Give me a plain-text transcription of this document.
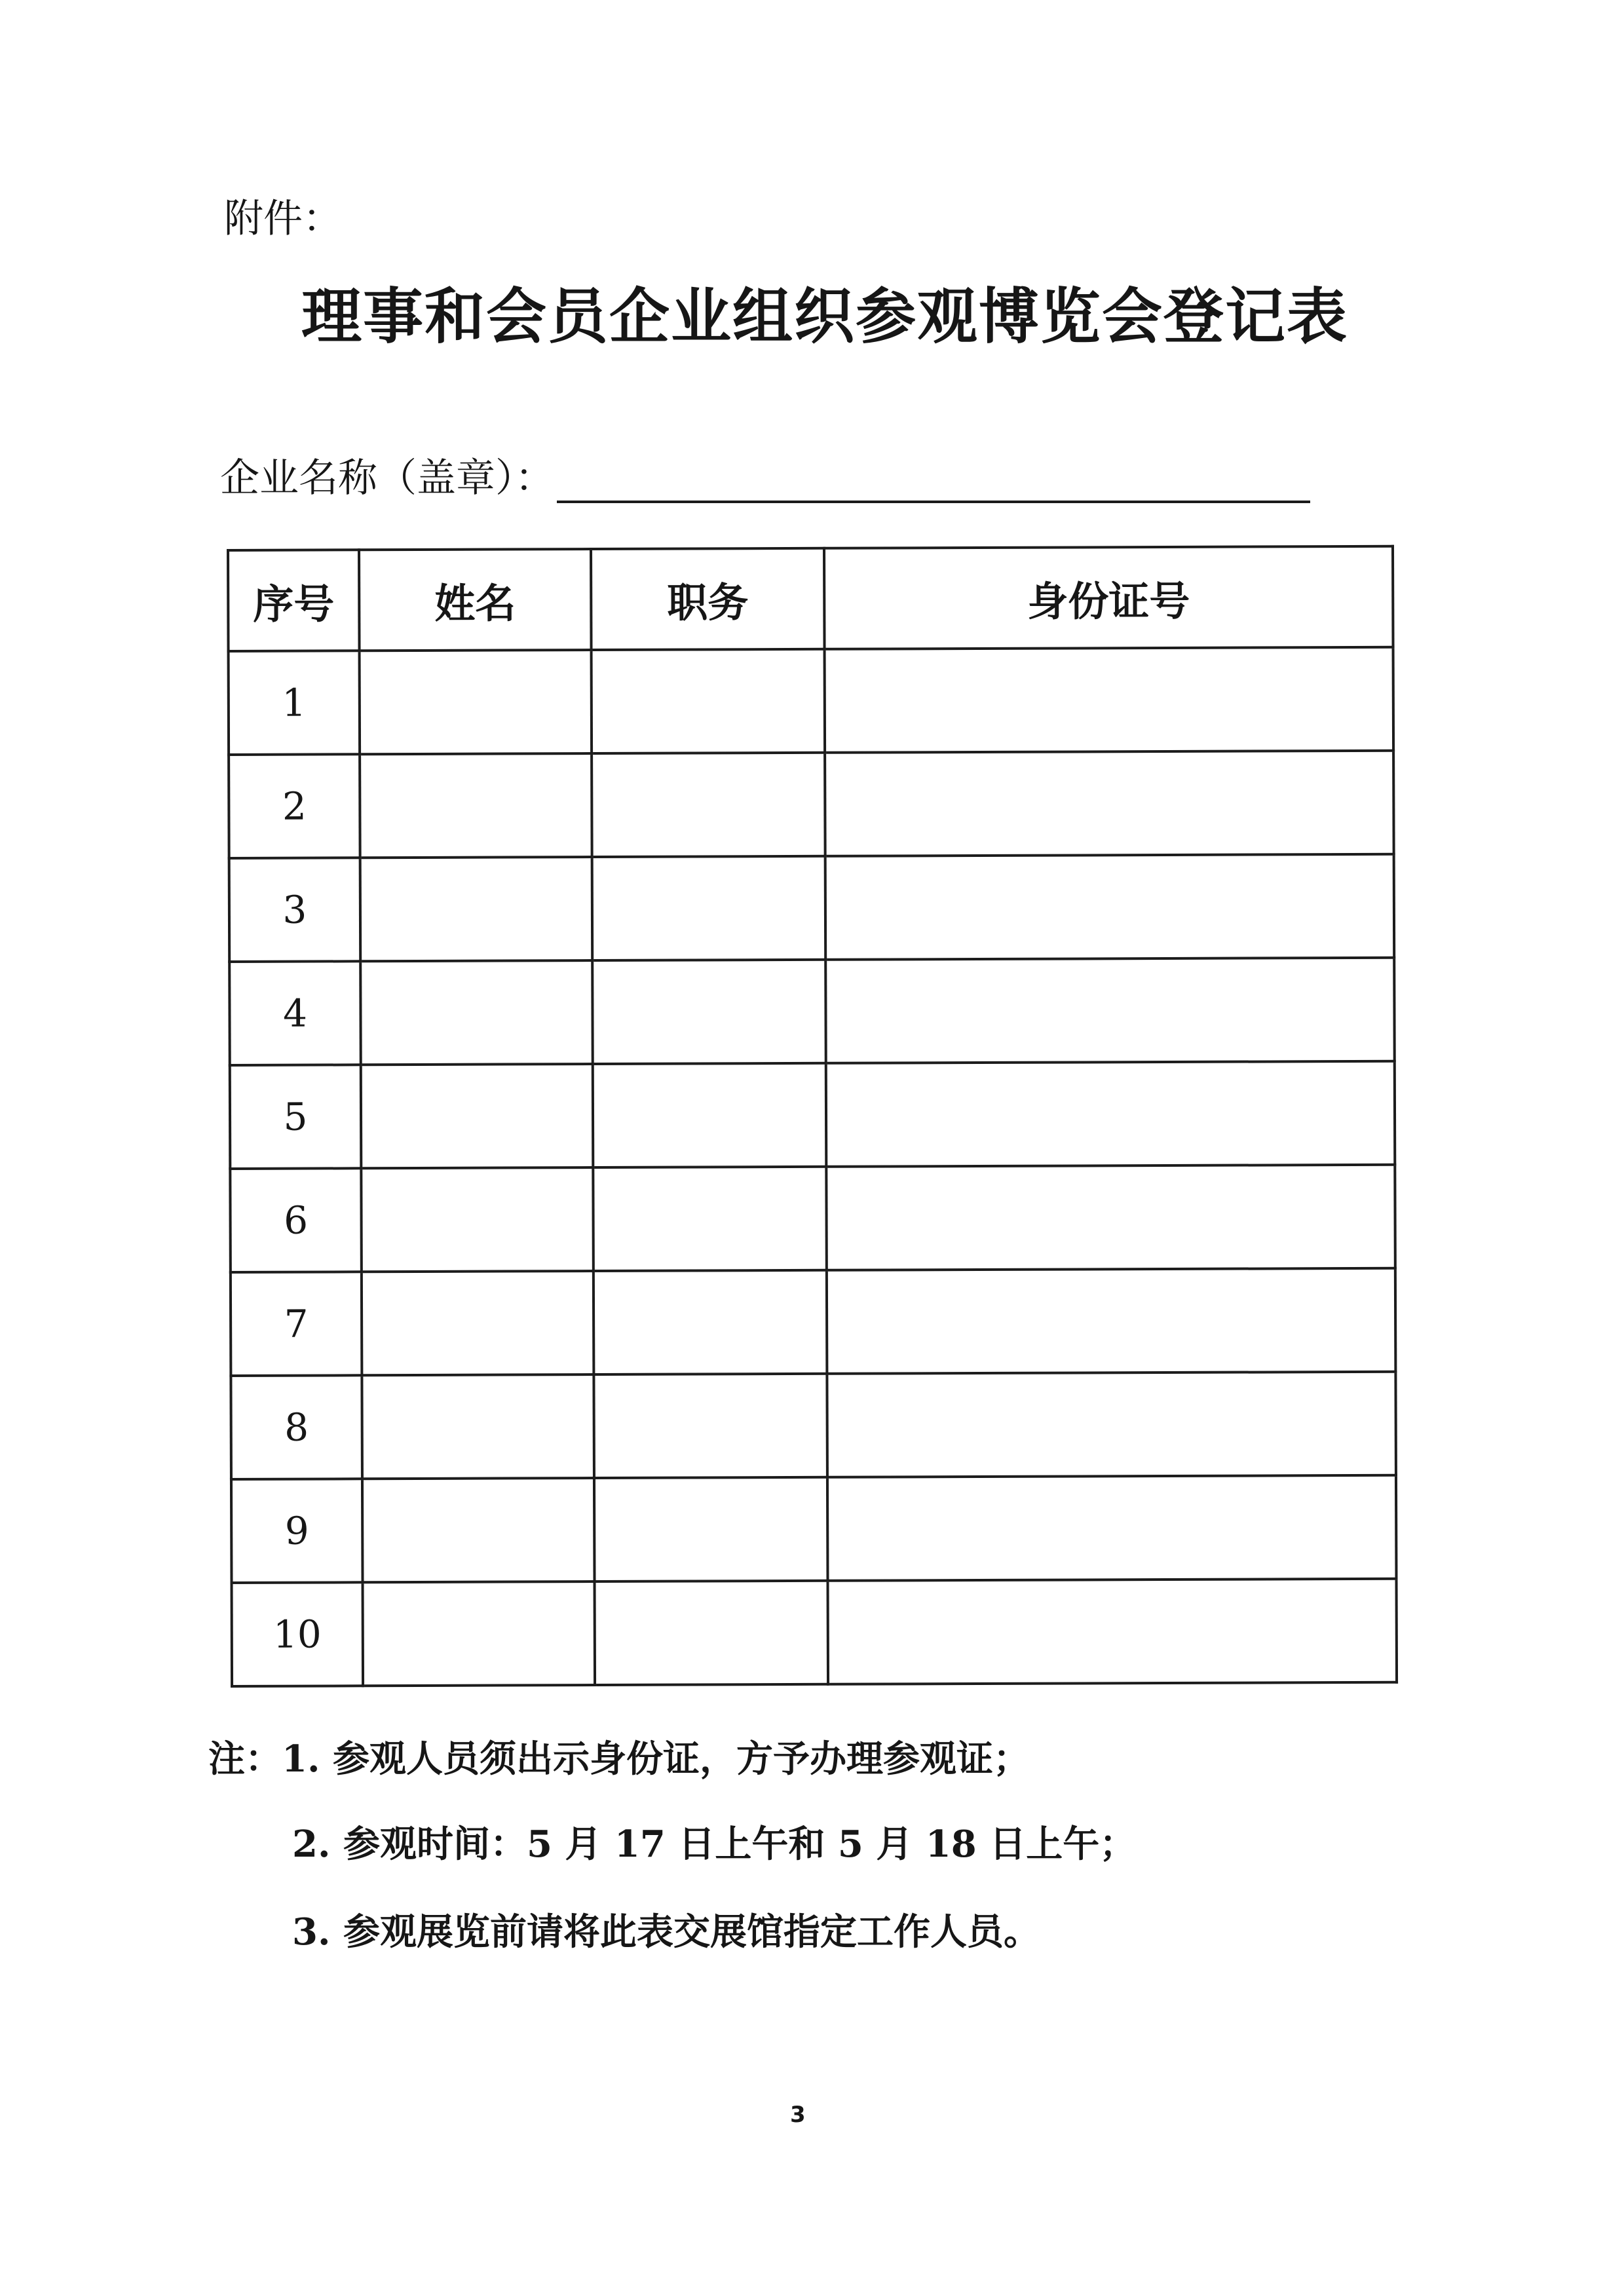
附件：
理事和会员企业组织参观博览会登记表
企业名称（盖章）：
序号	姓名	职务	身份证号
1			
2			
3			
4			
5			
6			
7			
8			
9			
10			
注：1. 参观人员须出示身份证，方予办理参观证；
2. 参观时间：5 月 17 日上午和 5 月 18 日上午；
3. 参观展览前请将此表交展馆指定工作人员。
3
